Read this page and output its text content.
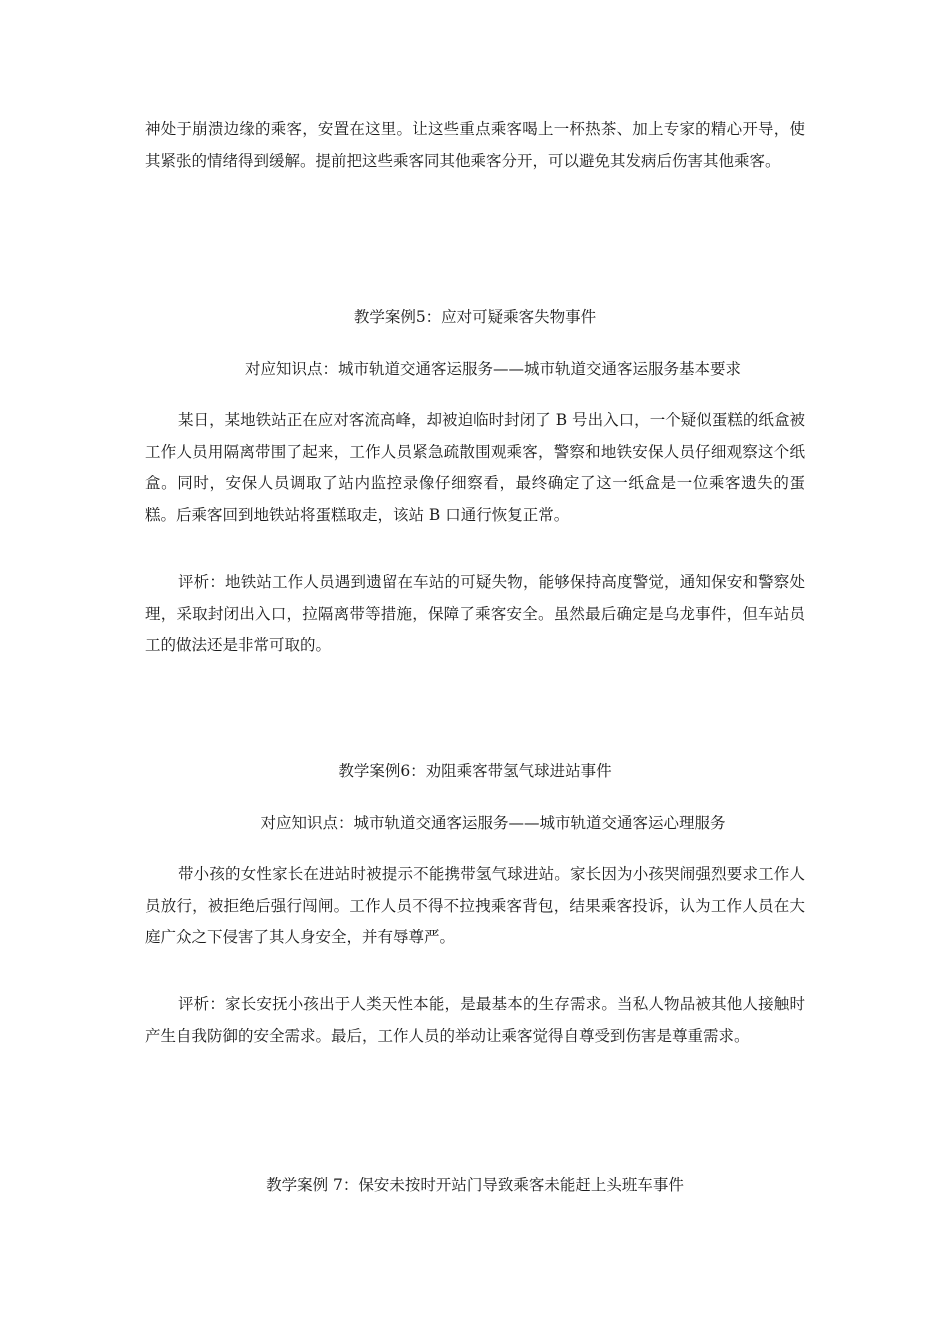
神处于崩溃边缘的乘客，安置在这里。让这些重点乘客喝上一杯热茶、加上专家的精心开导，使其紧张的情绪得到缓解。提前把这些乘客同其他乘客分开，可以避免其发病后伤害其他乘客。

教学案例5：应对可疑乘客失物事件

对应知识点：城市轨道交通客运服务——城市轨道交通客运服务基本要求

某日，某地铁站正在应对客流高峰，却被迫临时封闭了 B 号出入口，一个疑似蛋糕的纸盒被工作人员用隔离带围了起来，工作人员紧急疏散围观乘客，警察和地铁安保人员仔细观察这个纸盒。同时，安保人员调取了站内监控录像仔细察看，最终确定了这一纸盒是一位乘客遗失的蛋糕。后乘客回到地铁站将蛋糕取走，该站 B 口通行恢复正常。

评析：地铁站工作人员遇到遗留在车站的可疑失物，能够保持高度警觉，通知保安和警察处理，采取封闭出入口，拉隔离带等措施，保障了乘客安全。虽然最后确定是乌龙事件，但车站员工的做法还是非常可取的。

教学案例6：劝阻乘客带氢气球进站事件

对应知识点：城市轨道交通客运服务——城市轨道交通客运心理服务

带小孩的女性家长在进站时被提示不能携带氢气球进站。家长因为小孩哭闹强烈要求工作人员放行，被拒绝后强行闯闸。工作人员不得不拉拽乘客背包，结果乘客投诉，认为工作人员在大庭广众之下侵害了其人身安全，并有辱尊严。

评析：家长安抚小孩出于人类天性本能，是最基本的生存需求。当私人物品被其他人接触时产生自我防御的安全需求。最后，工作人员的举动让乘客觉得自尊受到伤害是尊重需求。

教学案例 7：保安未按时开站门导致乘客未能赶上头班车事件
